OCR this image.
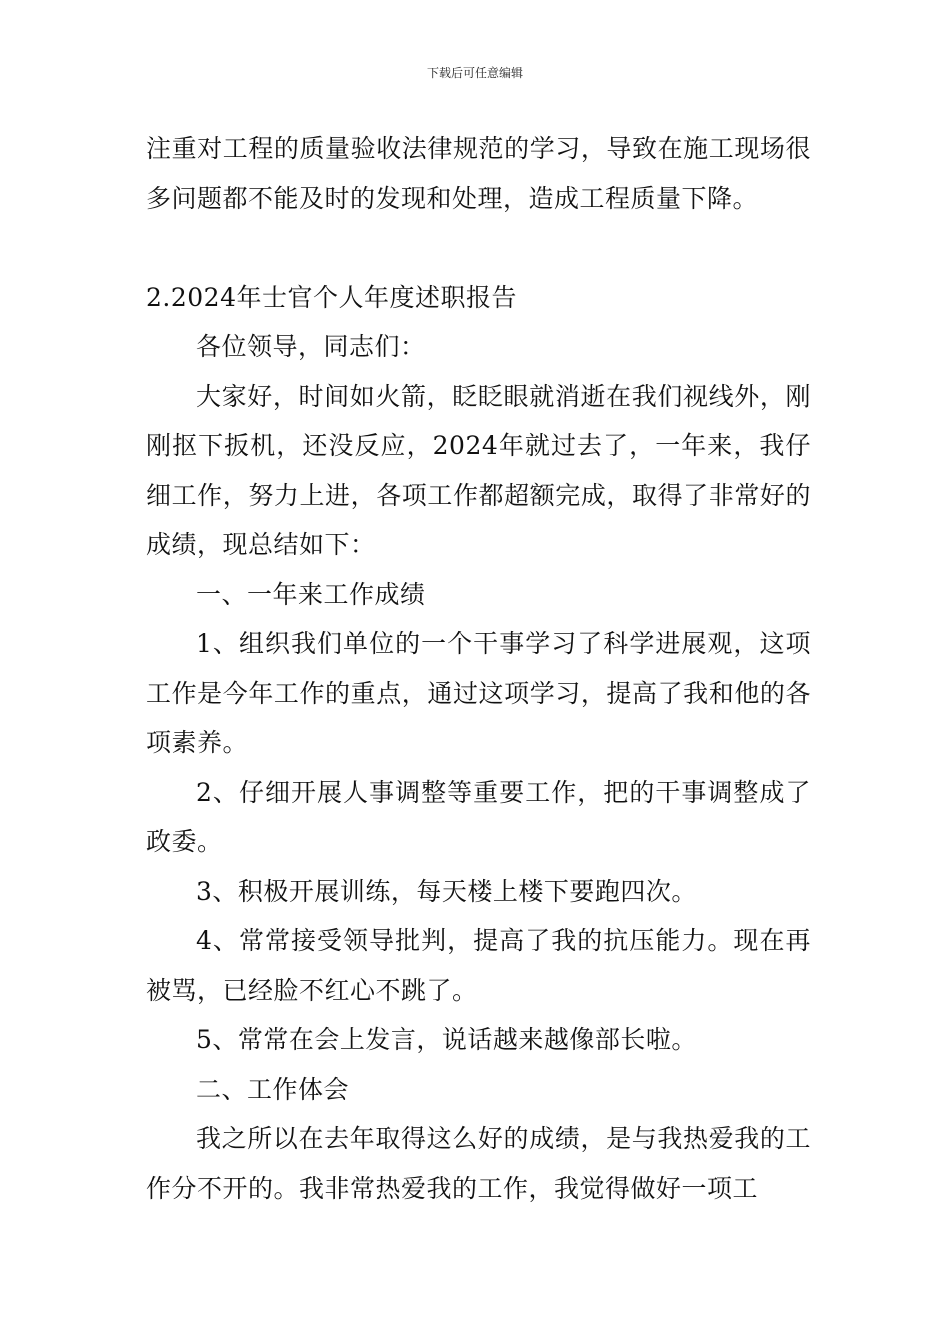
下载后可任意编辑

注重对工程的质量验收法律规范的学习，导致在施工现场很多问题都不能及时的发现和处理，造成工程质量下降。

2.2024年士官个人年度述职报告

各位领导，同志们：

大家好，时间如火箭，眨眨眼就消逝在我们视线外，刚刚抠下扳机，还没反应，2024年就过去了，一年来，我仔细工作，努力上进，各项工作都超额完成，取得了非常好的成绩，现总结如下：

一、一年来工作成绩

1、组织我们单位的一个干事学习了科学进展观，这项工作是今年工作的重点，通过这项学习，提高了我和他的各项素养。

2、仔细开展人事调整等重要工作，把的干事调整成了政委。

3、积极开展训练，每天楼上楼下要跑四次。

4、常常接受领导批判，提高了我的抗压能力。现在再被骂，已经脸不红心不跳了。

5、常常在会上发言，说话越来越像部长啦。

二、工作体会

我之所以在去年取得这么好的成绩，是与我热爱我的工作分不开的。我非常热爱我的工作，我觉得做好一项工
